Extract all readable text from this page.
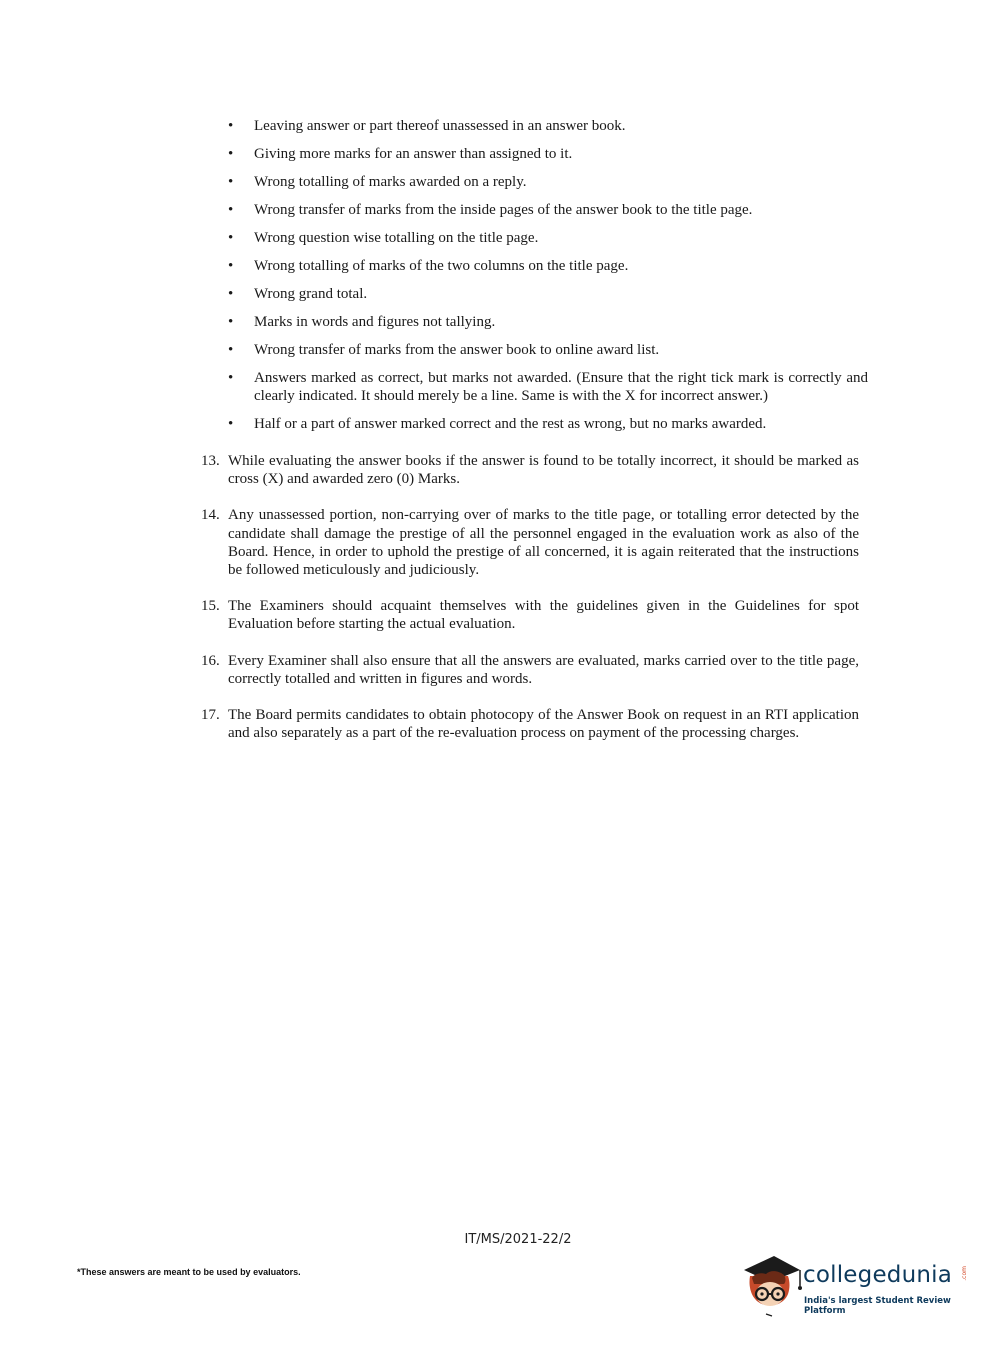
• Leaving answer or part thereof unassessed in an answer book.
• Giving more marks for an answer than assigned to it.
• Wrong totalling of marks awarded on a reply.
• Wrong transfer of marks from the inside pages of the answer book to the title page.
• Wrong question wise totalling on the title page.
• Wrong totalling of marks of the two columns on the title page.
• Wrong grand total.
• Marks in words and figures not tallying.
• Wrong transfer of marks from the answer book to online award list.
• Answers marked as correct, but marks not awarded. (Ensure that the right tick mark is correctly and clearly indicated. It should merely be a line. Same is with the X for incorrect answer.)
• Half or a part of answer marked correct and the rest as wrong, but no marks awarded.
13. While evaluating the answer books if the answer is found to be totally incorrect, it should be marked as cross (X) and awarded zero (0) Marks.
14. Any unassessed portion, non-carrying over of marks to the title page, or totalling error detected by the candidate shall damage the prestige of all the personnel engaged in the evaluation work as also of the Board. Hence, in order to uphold the prestige of all concerned, it is again reiterated that the instructions be followed meticulously and judiciously.
15. The Examiners should acquaint themselves with the guidelines given in the Guidelines for spot Evaluation before starting the actual evaluation.
16. Every Examiner shall also ensure that all the answers are evaluated, marks carried over to the title page, correctly totalled and written in figures and words.
17. The Board permits candidates to obtain photocopy of the Answer Book on request in an RTI application and also separately as a part of the re-evaluation process on payment of the processing charges.
IT/MS/2021-22/2
*These answers are meant to be used by evaluators.	collegedunia .com
India's largest Student Review Platform
